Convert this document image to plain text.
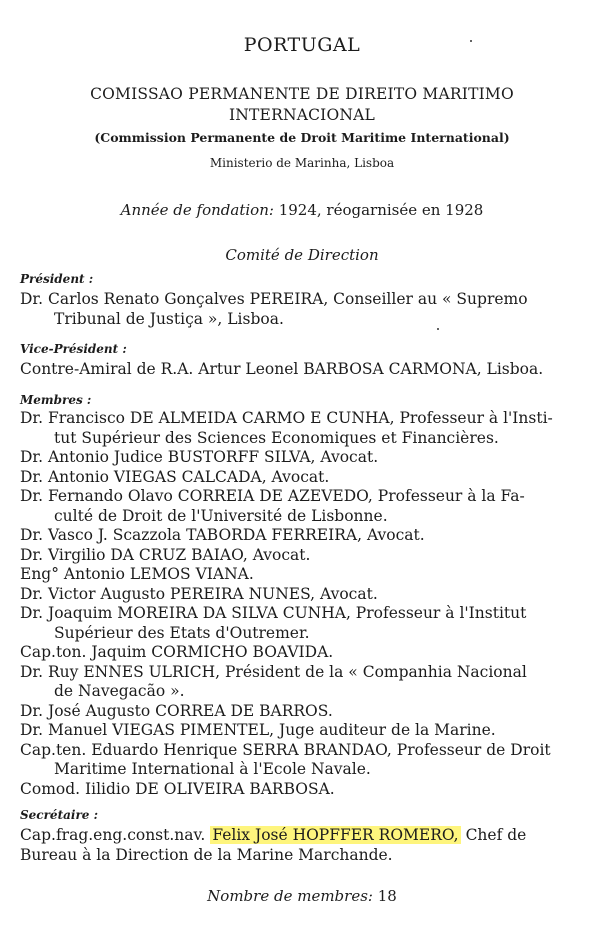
PORTUGAL
COMISSAO PERMANENTE DE DIREITO MARITIMO
INTERNACIONAL
(Commission Permanente de Droit Maritime International)
Ministerio de Marinha, Lisboa
Année de fondation: 1924, réogarnisée en 1928
Comité de Direction
Président :
Dr. Carlos Renato Gonçalves PEREIRA, Conseiller au « Supremo
Tribunal de Justiça », Lisboa.
Vice-Président :
Contre-Amiral de R.A. Artur Leonel BARBOSA CARMONA, Lisboa.
Membres :
Dr. Francisco DE ALMEIDA CARMO E CUNHA, Professeur à l'Insti-
tut Supérieur des Sciences Economiques et Financières.
Dr. Antonio Judice BUSTORFF SILVA, Avocat.
Dr. Antonio VIEGAS CALCADA, Avocat.
Dr. Fernando Olavo CORREIA DE AZEVEDO, Professeur à la Fa-
culté de Droit de l'Université de Lisbonne.
Dr. Vasco J. Scazzola TABORDA FERREIRA, Avocat.
Dr. Virgilio DA CRUZ BAIAO, Avocat.
Eng° Antonio LEMOS VIANA.
Dr. Victor Augusto PEREIRA NUNES, Avocat.
Dr. Joaquim MOREIRA DA SILVA CUNHA, Professeur à l'Institut
Supérieur des Etats d'Outremer.
Cap.ton. Jaquim CORMICHO BOAVIDA.
Dr. Ruy ENNES ULRICH, Président de la « Companhia Nacional
de Navegacão ».
Dr. José Augusto CORREA DE BARROS.
Dr. Manuel VIEGAS PIMENTEL, Juge auditeur de la Marine.
Cap.ten. Eduardo Henrique SERRA BRANDAO, Professeur de Droit
Maritime International à l'Ecole Navale.
Comod. Iilidio DE OLIVEIRA BARBOSA.
Secrétaire :
Cap.frag.eng.const.nav. Felix José HOPFFER ROMERO, Chef de
Bureau à la Direction de la Marine Marchande.
Nombre de membres: 18
